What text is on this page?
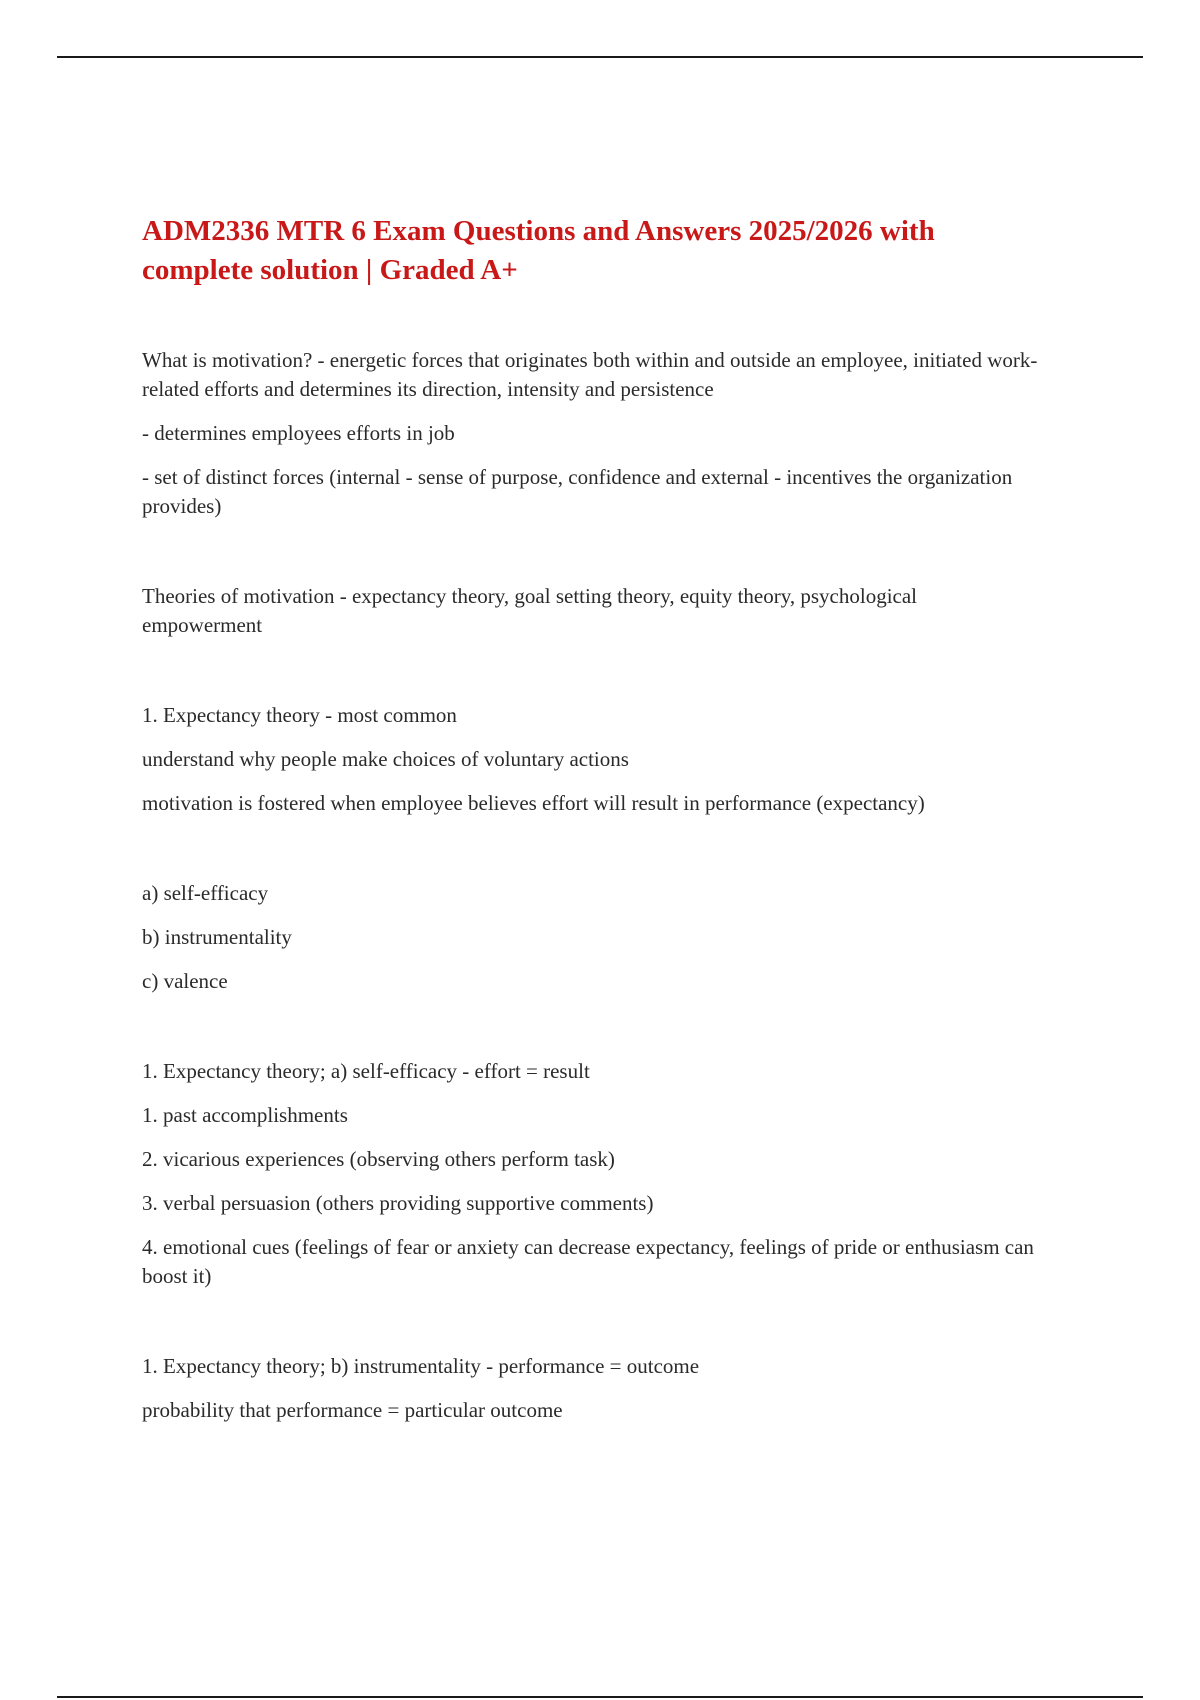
ADM2336 MTR 6 Exam Questions and Answers 2025/2026 with complete solution | Graded A+

What is motivation? - energetic forces that originates both within and outside an employee, initiated work-related efforts and determines its direction, intensity and persistence

- determines employees efforts in job

- set of distinct forces (internal - sense of purpose, confidence and external - incentives the organization provides)

Theories of motivation - expectancy theory, goal setting theory, equity theory, psychological empowerment

1. Expectancy theory - most common

understand why people make choices of voluntary actions

motivation is fostered when employee believes effort will result in performance (expectancy)

a) self-efficacy

b) instrumentality

c) valence

1. Expectancy theory; a) self-efficacy - effort = result

1. past accomplishments

2. vicarious experiences (observing others perform task)

3. verbal persuasion (others providing supportive comments)

4. emotional cues (feelings of fear or anxiety can decrease expectancy, feelings of pride or enthusiasm can boost it)

1. Expectancy theory; b) instrumentality - performance = outcome

probability that performance = particular outcome
